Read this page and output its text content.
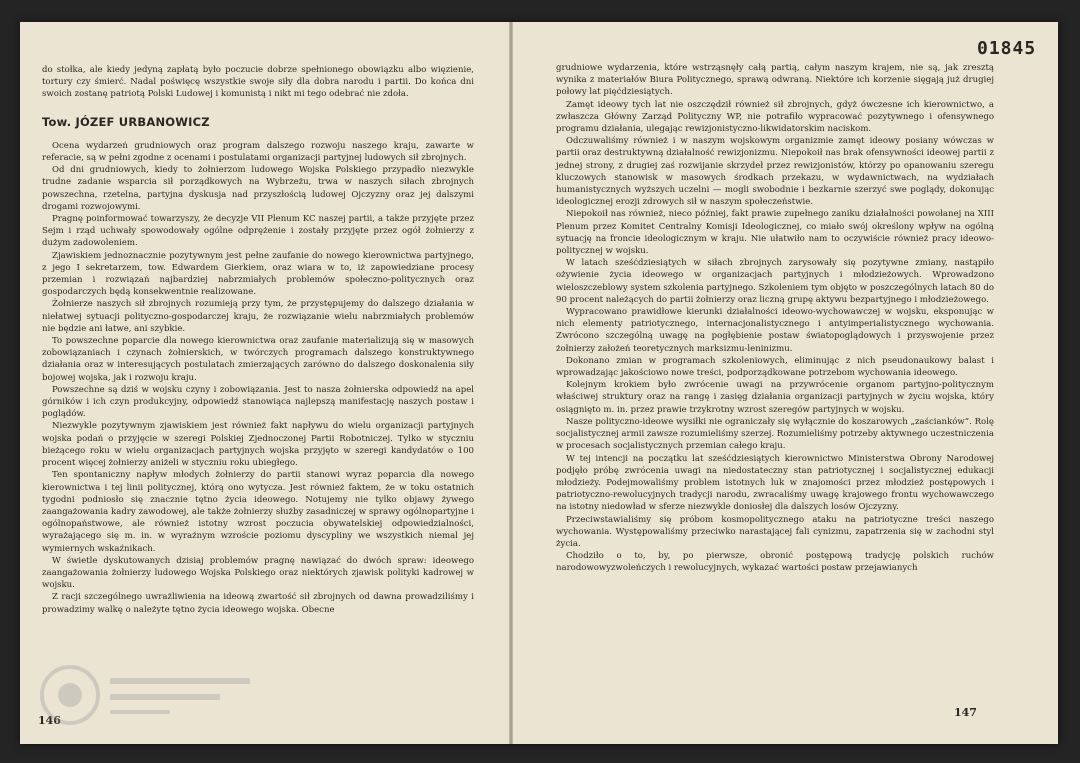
do stołka, ale kiedy jedyną zapłatą było poczucie dobrze spełnionego obowiązku albo więzienie, tortury czy śmierć. Nadal poświęcę wszystkie swoje siły dla dobra narodu i partii. Do końca dni swoich zostanę patriotą Polski Ludowej i komunistą i nikt mi tego odebrać nie zdoła.

Tow. JÓZEF URBANOWICZ

Ocena wydarzeń grudniowych oraz program dalszego rozwoju naszego kraju, zawarte w referacie, są w pełni zgodne z ocenami i postulatami organizacji partyjnej ludowych sił zbrojnych.

Od dni grudniowych, kiedy to żołnierzom ludowego Wojska Polskiego przypadło niezwykle trudne zadanie wsparcia sił porządkowych na Wybrzeżu, trwa w naszych siłach zbrojnych powszechna, rzetelna, partyjna dyskusja nad przyszłością ludowej Ojczyzny oraz jej dalszymi drogami rozwojowymi.

Pragnę poinformować towarzyszy, że decyzje VII Plenum KC naszej partii, a także przyjęte przez Sejm i rząd uchwały spowodowały ogólne odprężenie i zostały przyjęte przez ogół żołnierzy z dużym zadowoleniem.

Zjawiskiem jednoznacznie pozytywnym jest pełne zaufanie do nowego kierownictwa partyjnego, z jego I sekretarzem, tow. Edwardem Gierkiem, oraz wiara w to, iż zapowiedziane procesy przemian i rozwiązań najbardziej nabrzmiałych problemów społeczno-politycznych oraz gospodarczych będą konsekwentnie realizowane.

Żołnierze naszych sił zbrojnych rozumieją przy tym, że przystępujemy do dalszego działania w niełatwej sytuacji polityczno-gospodarczej kraju, że rozwiązanie wielu nabrzmiałych problemów nie będzie ani łatwe, ani szybkie.

To powszechne poparcie dla nowego kierownictwa oraz zaufanie materializują się w masowych zobowiązaniach i czynach żołnierskich, w twórczych programach dalszego konstruktywnego działania oraz w interesujących postulatach zmierzających zarówno do dalszego doskonalenia siły bojowej wojska, jak i rozwoju kraju.

Powszechne są dziś w wojsku czyny i zobowiązania. Jest to nasza żołnierska odpowiedź na apel górników i ich czyn produkcyjny, odpowiedź stanowiąca najlepszą manifestację naszych postaw i poglądów.

Niezwykle pozytywnym zjawiskiem jest również fakt napływu do wielu organizacji partyjnych wojska podań o przyjęcie w szeregi Polskiej Zjednoczonej Partii Robotniczej. Tylko w styczniu bieżącego roku w wielu organizacjach partyjnych wojska przyjęto w szeregi kandydatów o 100 procent więcej żołnierzy aniżeli w styczniu roku ubiegłego.

Ten spontaniczny napływ młodych żołnierzy do partii stanowi wyraz poparcia dla nowego kierownictwa i tej linii politycznej, którą ono wytycza. Jest również faktem, że w toku ostatnich tygodni podniosło się znacznie tętno życia ideowego. Notujemy nie tylko objawy żywego zaangażowania kadry zawodowej, ale także żołnierzy służby zasadniczej w sprawy ogólnopartyjne i ogólnopaństwowe, ale również istotny wzrost poczucia obywatelskiej odpowiedzialności, wyrażającego się m. in. w wyraźnym wzroście poziomu dyscypliny we wszystkich niemal jej wymiernych wskaźnikach.

W świetle dyskutowanych dzisiaj problemów pragnę nawiązać do dwóch spraw: ideowego zaangażowania żołnierzy ludowego Wojska Polskiego oraz niektórych zjawisk polityki kadrowej w wojsku.

Z racji szczególnego uwrażliwienia na ideową zwartość sił zbrojnych od dawna prowadziliśmy i prowadzimy walkę o należyte tętno życia ideowego wojska. Obecne

146
01845

grudniowe wydarzenia, które wstrząsnęły całą partią, całym naszym krajem, nie są, jak zresztą wynika z materiałów Biura Politycznego, sprawą odwraną. Niektóre ich korzenie sięgają już drugiej połowy lat pięćdziesiątych.

Zamęt ideowy tych lat nie oszczędził również sił zbrojnych, gdyż ówczesne ich kierownictwo, a zwłaszcza Główny Zarząd Polityczny WP, nie potrafiło wypracować pozytywnego i ofensywnego programu działania, ulegając rewizjonistyczno-likwidatorskim naciskom.

Odczuwaliśmy również i w naszym wojskowym organizmie zamęt ideowy posiany wówczas w partii oraz destruktywną działalność rewizjonizmu. Niepokoił nas brak ofensywności ideowej partii z jednej strony, z drugiej zaś rozwijanie skrzydeł przez rewizjonistów, którzy po opanowaniu szeregu kluczowych stanowisk w masowych środkach przekazu, w wydawnictwach, na wydziałach humanistycznych wyższych uczelni — mogli swobodnie i bezkarnie szerzyć swe poglądy, dokonując ideologicznej erozji zdrowych sił w naszym społeczeństwie.

Niepokoił nas również, nieco później, fakt prawie zupełnego zaniku działalności powołanej na XIII Plenum przez Komitet Centralny Komisji Ideologicznej, co miało swój określony wpływ na ogólną sytuację na froncie ideologicznym w kraju. Nie ułatwiło nam to oczywiście również pracy ideowo-politycznej w wojsku.

W latach sześćdziesiątych w siłach zbrojnych zarysowały się pozytywne zmiany, nastąpiło ożywienie życia ideowego w organizacjach partyjnych i młodzieżowych. Wprowadzono wieloszczeblowy system szkolenia partyjnego. Szkoleniem tym objęto w poszczególnych latach 80 do 90 procent należących do partii żołnierzy oraz liczną grupę aktywu bezpartyjnego i młodzieżowego.

Wypracowano prawidłowe kierunki działalności ideowo-wychowawczej w wojsku, eksponując w nich elementy patriotycznego, internacjonalistycznego i antyimperialistycznego wychowania. Zwrócono szczególną uwagę na pogłębienie postaw światopoglądowych i przyswojenie przez żołnierzy założeń teoretycznych marksizmu-leninizmu.

Dokonano zmian w programach szkoleniowych, eliminując z nich pseudonaukowy balast i wprowadzając jakościowo nowe treści, podporządkowane potrzebom wychowania ideowego.

Kolejnym krokiem było zwrócenie uwagi na przywrócenie organom partyjno-politycznym właściwej struktury oraz na rangę i zasięg działania organizacji partyjnych w życiu wojska, który osiągnięto m. in. przez prawie trzykrotny wzrost szeregów partyjnych w wojsku.

Nasze polityczno-ideowe wysiłki nie ograniczały się wyłącznie do koszarowych „zaścianków”. Rolę socjalistycznej armii zawsze rozumieliśmy szerzej. Rozumieliśmy potrzeby aktywnego uczestniczenia w procesach socjalistycznych przemian całego kraju.

W tej intencji na początku lat sześćdziesiątych kierownictwo Ministerstwa Obrony Narodowej podjęło próbę zwrócenia uwagi na niedostateczny stan patriotycznej i socjalistycznej edukacji młodzieży. Podejmowaliśmy problem istotnych luk w znajomości przez młodzież postępowych i patriotyczno-rewolucyjnych tradycji narodu, zwracaliśmy uwagę krajowego frontu wychowawczego na istotny niedowład w sferze niezwykle doniosłej dla dalszych losów Ojczyzny.

Przeciwstawialiśmy się próbom kosmopolitycznego ataku na patriotyczne treści naszego wychowania. Występowaliśmy przeciwko narastającej fali cynizmu, zapatrzenia się w zachodni styl życia.

Chodziło o to, by, po pierwsze, obronić postępową tradycję polskich ruchów narodowowyzwoleńczych i rewolucyjnych, wykazać wartości postaw przejawianych

147
